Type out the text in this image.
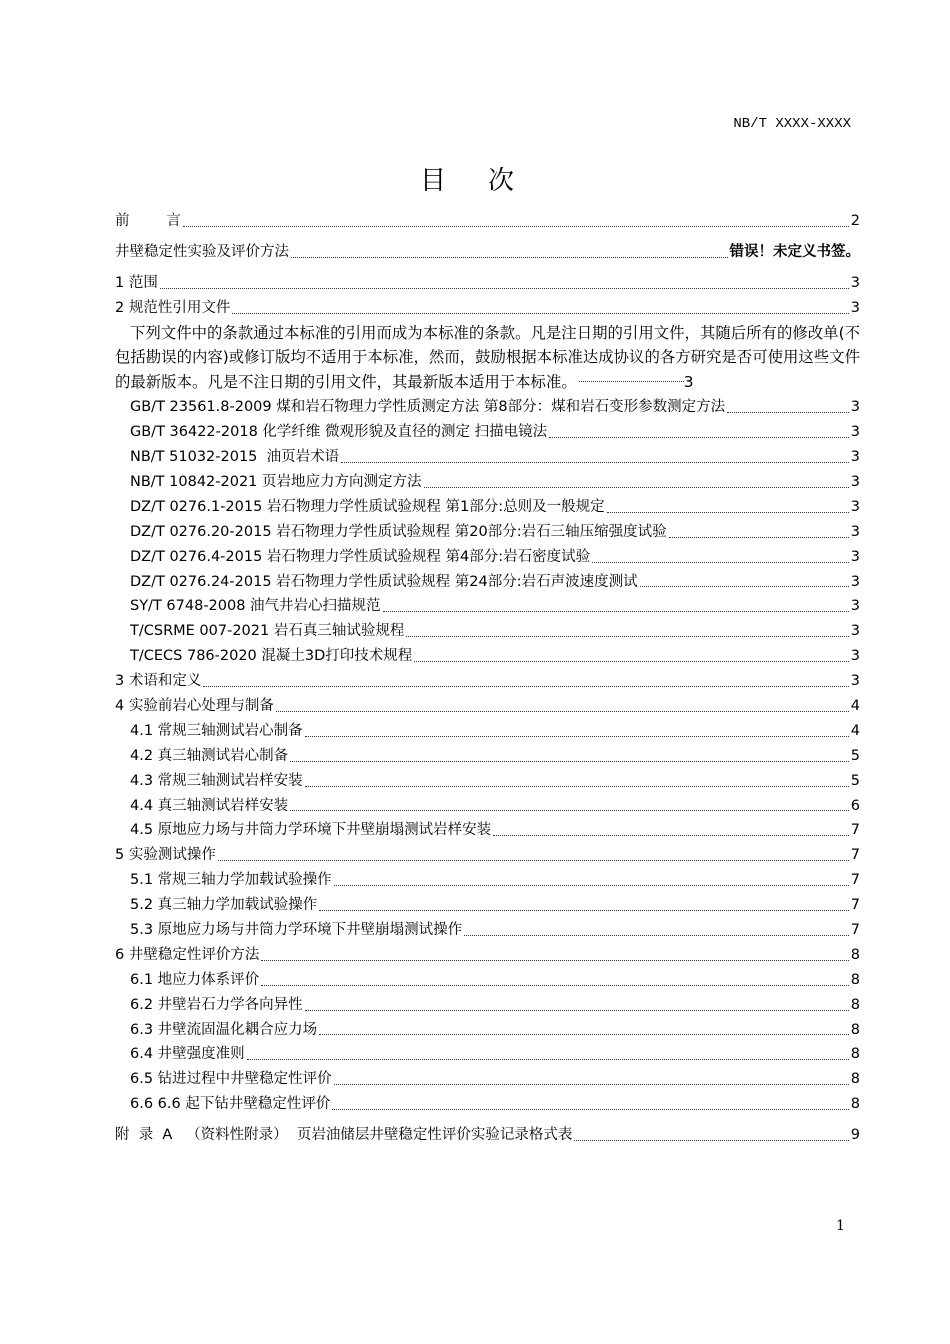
NB/T XXXX-XXXX
目次
前        言	2
井壁稳定性实验及评价方法	错误！未定义书签。
1 范围	3
2 规范性引用文件	3
下列文件中的条款通过本标准的引用而成为本标准的条款。凡是注日期的引用文件，其随后所有的修改单(不包括勘误的内容)或修订版均不适用于本标准，然而，鼓励根据本标准达成协议的各方研究是否可使用这些文件的最新版本。凡是不注日期的引用文件，其最新版本适用于本标准。	3
GB/T 23561.8-2009 煤和岩石物理力学性质测定方法 第8部分：煤和岩石变形参数测定方法	3
GB/T 36422-2018 化学纤维 微观形貌及直径的测定 扫描电镜法	3
NB/T 51032-2015  油页岩术语	3
NB/T 10842-2021 页岩地应力方向测定方法	3
DZ/T 0276.1-2015 岩石物理力学性质试验规程 第1部分:总则及一般规定	3
DZ/T 0276.20-2015 岩石物理力学性质试验规程 第20部分:岩石三轴压缩强度试验	3
DZ/T 0276.4-2015 岩石物理力学性质试验规程 第4部分:岩石密度试验	3
DZ/T 0276.24-2015 岩石物理力学性质试验规程 第24部分:岩石声波速度测试	3
SY/T 6748-2008 油气井岩心扫描规范	3
T/CSRME 007-2021 岩石真三轴试验规程	3
T/CECS 786-2020 混凝土3D打印技术规程	3
3 术语和定义	3
4 实验前岩心处理与制备	4
4.1 常规三轴测试岩心制备	4
4.2 真三轴测试岩心制备	5
4.3 常规三轴测试岩样安装	5
4.4 真三轴测试岩样安装	6
4.5 原地应力场与井筒力学环境下井壁崩塌测试岩样安装	7
5 实验测试操作	7
5.1 常规三轴力学加载试验操作	7
5.2 真三轴力学加载试验操作	7
5.3 原地应力场与井筒力学环境下井壁崩塌测试操作	7
6 井壁稳定性评价方法	8
6.1 地应力体系评价	8
6.2 井壁岩石力学各向异性	8
6.3 井壁流固温化耦合应力场	8
6.4 井壁强度准则	8
6.5 钻进过程中井壁稳定性评价	8
6.6 6.6 起下钻井壁稳定性评价	8
附  录  A   （资料性附录）  页岩油储层井壁稳定性评价实验记录格式表	9
1
